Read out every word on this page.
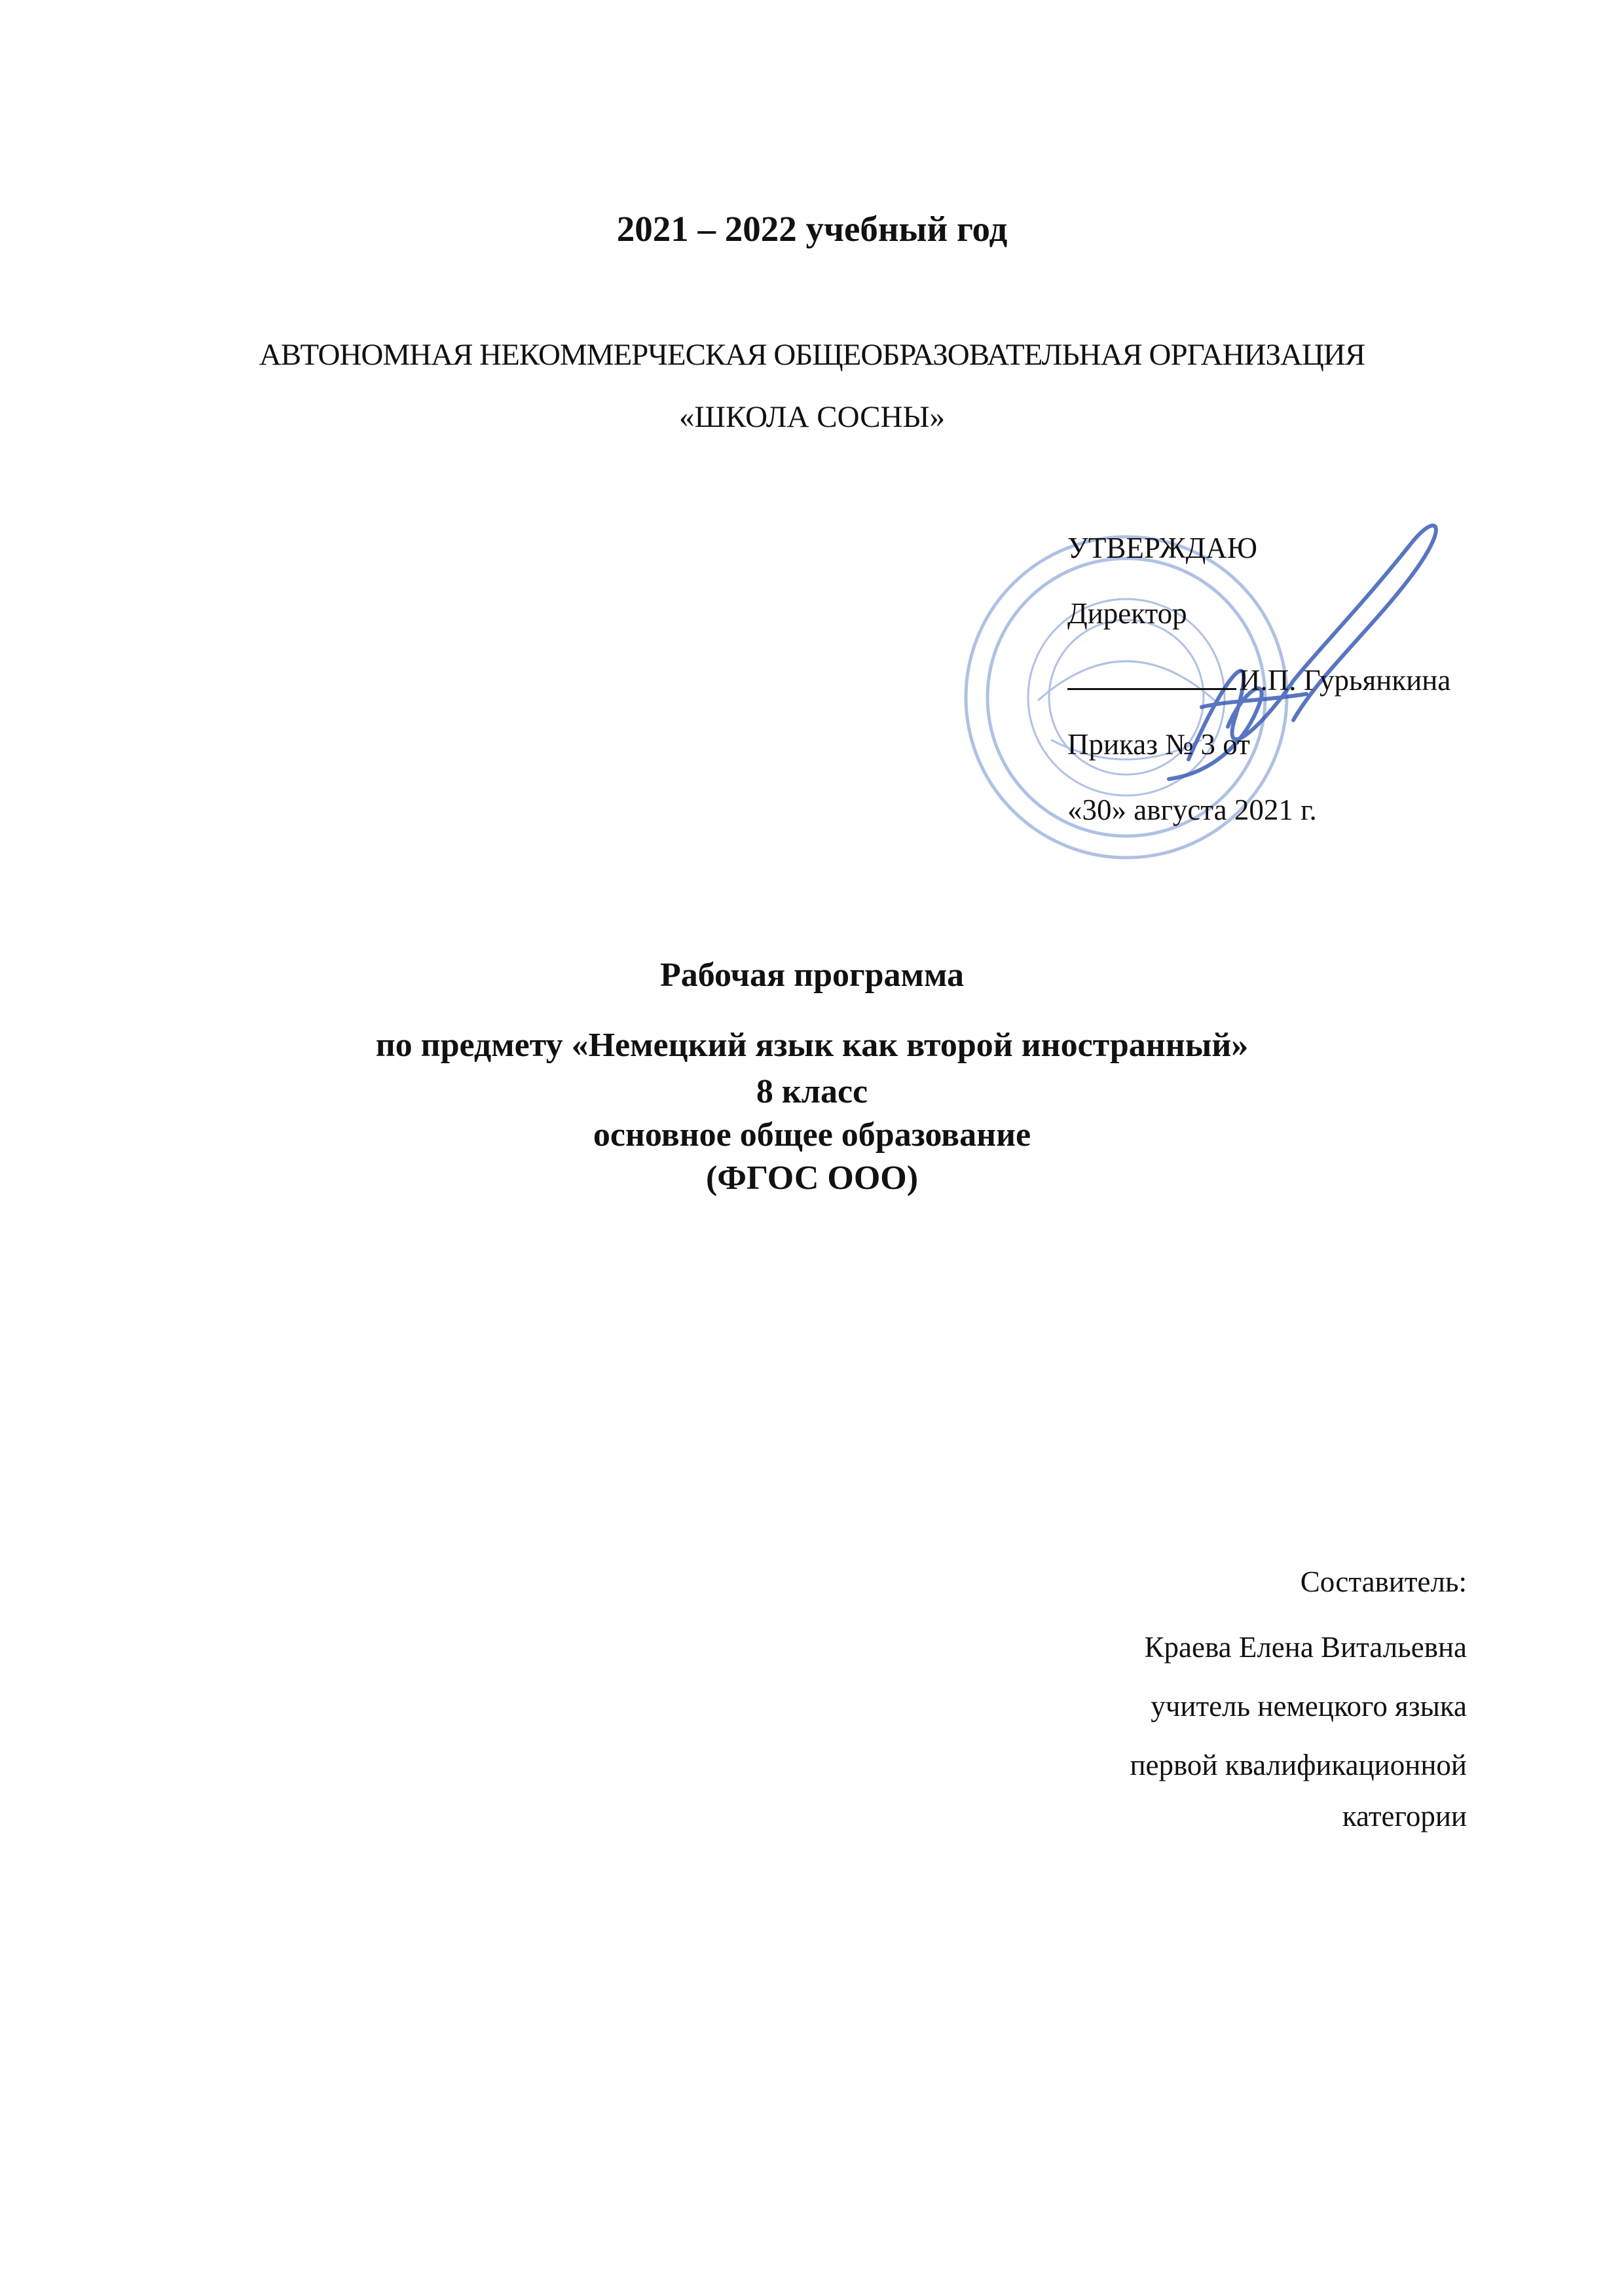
2021 – 2022 учебный год
АВТОНОМНАЯ НЕКОММЕРЧЕСКАЯ ОБЩЕОБРАЗОВАТЕЛЬНАЯ ОРГАНИЗАЦИЯ
«ШКОЛА СОСНЫ»
УТВЕРЖДАЮ
Директор
И.П. Гурьянкина
Приказ № 3 от
«30» августа 2021 г.
Рабочая программа
по предмету «Немецкий язык как второй иностранный»
8 класс
основное общее образование
(ФГОС ООО)
Составитель:
Краева Елена Витальевна
учитель немецкого языка
первой квалификационной
категории
